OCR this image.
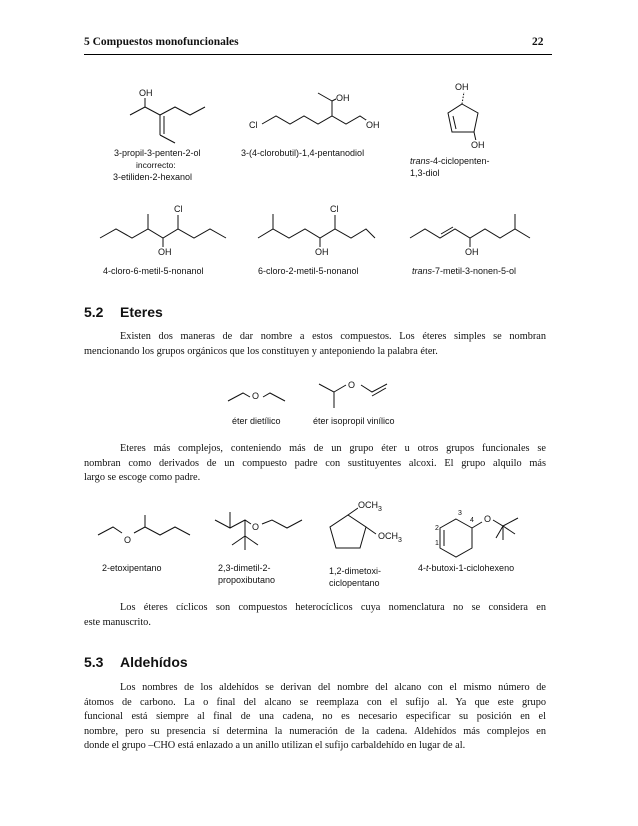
5 Compuestos monofuncionales	22
OH	OH
Cl	OH
OH
OH
3-propil-3-penten-2-ol
incorrecto:
3-etiliden-2-hexanol
3-(4-clorobutil)-1,4-pentanodiol
trans-4-ciclopenten-
1,3-diol
Cl
OH
Cl
OH	OH
4-cloro-6-metil-5-nonanol	6-cloro-2-metil-5-nonanol	trans-7-metil-3-nonen-5-ol
5.2 Eteres
Existen dos maneras de dar nombre a estos compuestos. Los éteres simples se nombran
mencionando los grupos orgánicos que los constituyen y anteponiendo la palabra éter.
O
O
éter dietílico	éter isopropil vinílico
Eteres más complejos, conteniendo más de un grupo éter u otros grupos funcionales se
nombran como derivados de un compuesto padre con sustituyentes alcoxi. El grupo alquilo más
largo se escoge como padre.
O
O
$OCH_3$
$OCH_3$
O
2
1
3
4
2-etoxipentano	2,3-dimetil-2-
propoxibutano
1,2-dimetoxi-
ciclopentano
4-t-butoxi-1-ciclohexeno
Los éteres cíclicos son compuestos heterocíclicos cuya nomenclatura no se considera en
este manuscrito.
5.3 Aldehídos
Los nombres de los aldehídos se derivan del nombre del alcano con el mismo número de
átomos de carbono. La o final del alcano se reemplaza con el sufijo al. Ya que este grupo
funcional está siempre al final de una cadena, no es necesario especificar su posición en el
nombre, pero su presencia sí determina la numeración de la cadena. Aldehídos más complejos en
donde el grupo –CHO está enlazado a un anillo utilizan el sufijo carbaldehído en lugar de al.
